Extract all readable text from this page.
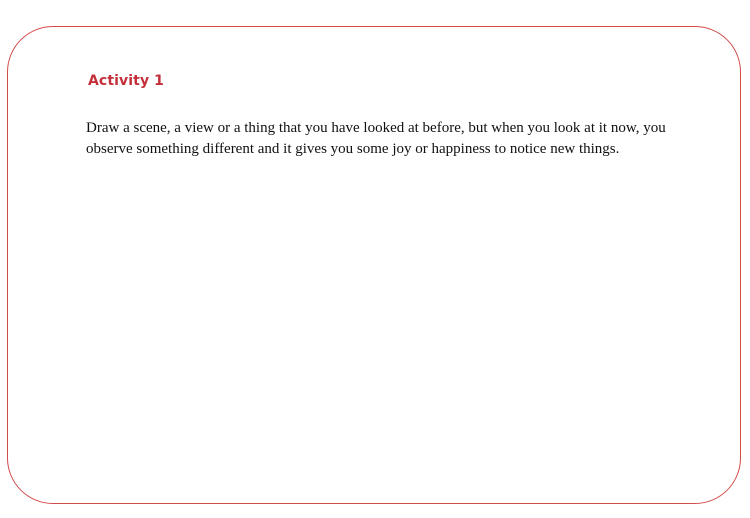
Activity 1

Draw a scene, a view or a thing that you have looked at before, but when you look at it now, you observe something different and it gives you some joy or happiness to notice new things.
